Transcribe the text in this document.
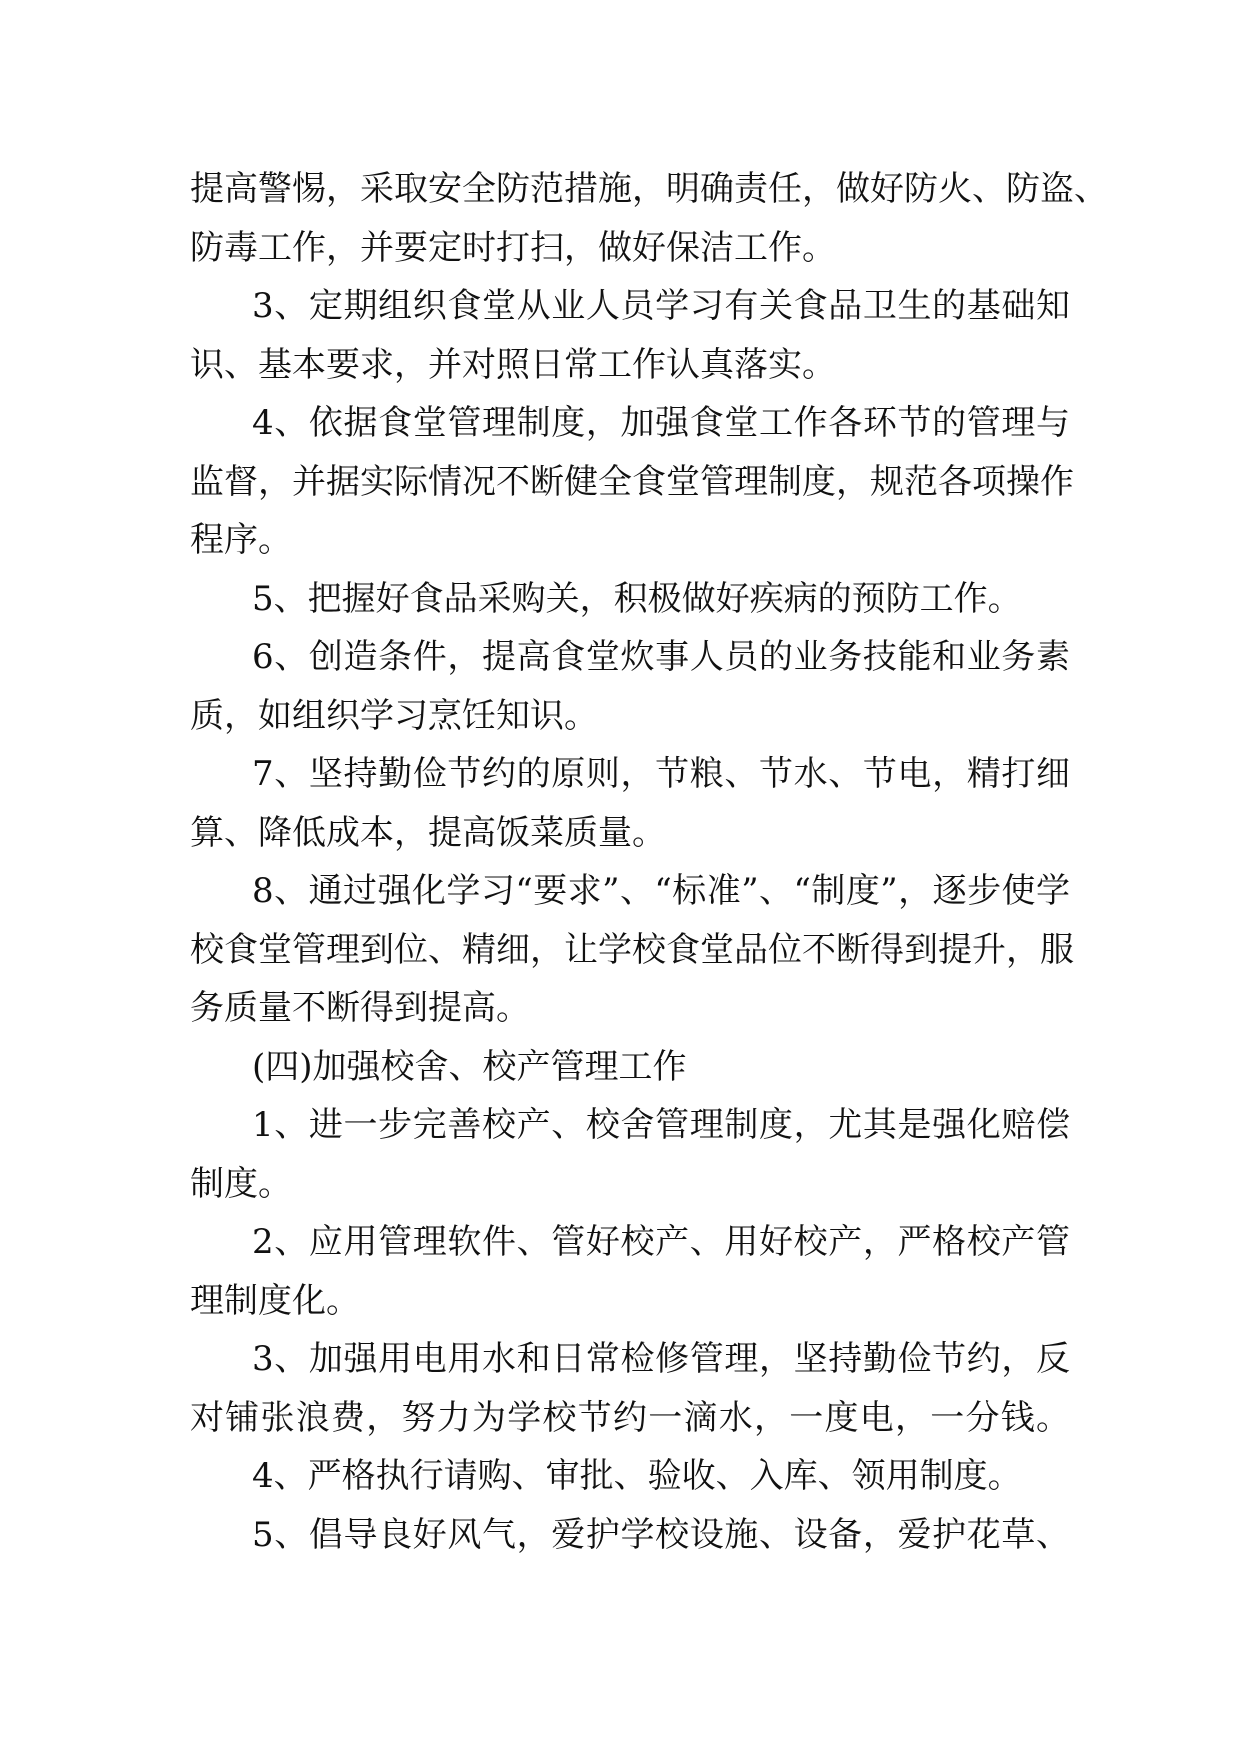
提高警惕，采取安全防范措施，明确责任，做好防火、防盗、
防毒工作，并要定时打扫，做好保洁工作。
3、定期组织食堂从业人员学习有关食品卫生的基础知
识、基本要求，并对照日常工作认真落实。
4、依据食堂管理制度，加强食堂工作各环节的管理与
监督，并据实际情况不断健全食堂管理制度，规范各项操作
程序。
5、把握好食品采购关，积极做好疾病的预防工作。
6、创造条件，提高食堂炊事人员的业务技能和业务素
质，如组织学习烹饪知识。
7、坚持勤俭节约的原则，节粮、节水、节电，精打细
算、降低成本，提高饭菜质量。
8、通过强化学习“要求”、“标准”、“制度”，逐步使学
校食堂管理到位、精细，让学校食堂品位不断得到提升，服
务质量不断得到提高。
(四)加强校舍、校产管理工作
1、进一步完善校产、校舍管理制度，尤其是强化赔偿
制度。
2、应用管理软件、管好校产、用好校产，严格校产管
理制度化。
3、加强用电用水和日常检修管理，坚持勤俭节约，反
对铺张浪费，努力为学校节约一滴水，一度电，一分钱。
4、严格执行请购、审批、验收、入库、领用制度。
5、倡导良好风气，爱护学校设施、设备，爱护花草、
